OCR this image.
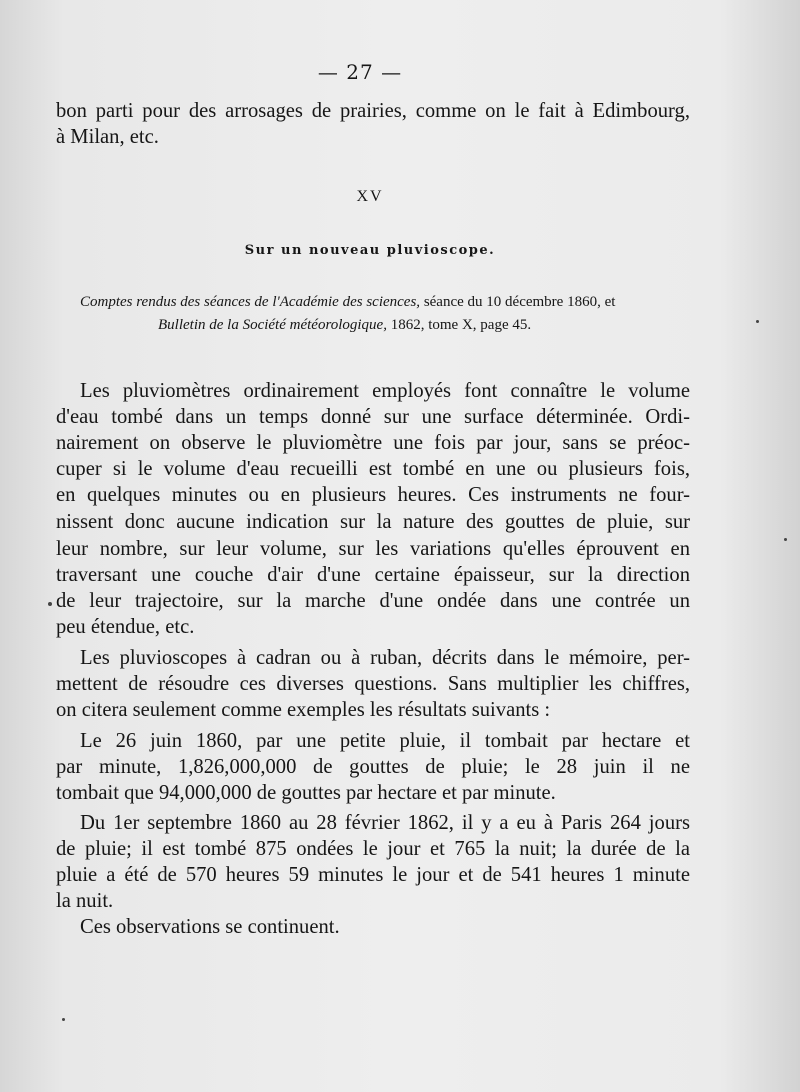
— 27 —
bon parti pour des arrosages de prairies, comme on le fait à Edimbourg,
à Milan, etc.
XV
Sur un nouveau pluvioscope.
Comptes rendus des séances de l'Académie des sciences, séance du 10 décembre 1860, et
Bulletin de la Société météorologique, 1862, tome X, page 45.
Les pluviomètres ordinairement employés font connaître le volume
d'eau tombé dans un temps donné sur une surface déterminée. Ordi-
nairement on observe le pluviomètre une fois par jour, sans se préoc-
cuper si le volume d'eau recueilli est tombé en une ou plusieurs fois,
en quelques minutes ou en plusieurs heures. Ces instruments ne four-
nissent donc aucune indication sur la nature des gouttes de pluie, sur
leur nombre, sur leur volume, sur les variations qu'elles éprouvent en
traversant une couche d'air d'une certaine épaisseur, sur la direction
de leur trajectoire, sur la marche d'une ondée dans une contrée un
peu étendue, etc.
Les pluvioscopes à cadran ou à ruban, décrits dans le mémoire, per-
mettent de résoudre ces diverses questions. Sans multiplier les chiffres,
on citera seulement comme exemples les résultats suivants :
Le 26 juin 1860, par une petite pluie, il tombait par hectare et
par minute, 1,826,000,000 de gouttes de pluie; le 28 juin il ne
tombait que 94,000,000 de gouttes par hectare et par minute.
Du 1er septembre 1860 au 28 février 1862, il y a eu à Paris 264 jours
de pluie; il est tombé 875 ondées le jour et 765 la nuit; la durée de la
pluie a été de 570 heures 59 minutes le jour et de 541 heures 1 minute
la nuit.
Ces observations se continuent.
